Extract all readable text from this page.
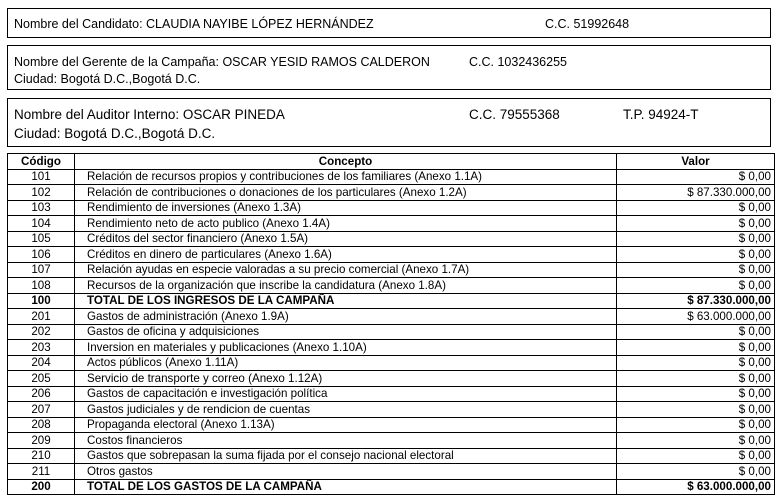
Nombre del Candidato: CLAUDIA NAYIBE LÓPEZ HERNÁNDEZ	C.C. 51992648
Nombre del Gerente de la Campaña: OSCAR YESID RAMOS CALDERON	C.C. 1032436255
Ciudad: Bogotá D.C.,Bogotá D.C.
Nombre del Auditor Interno: OSCAR PINEDA	C.C. 79555368	T.P. 94924-T
Ciudad: Bogotá D.C.,Bogotá D.C.
Código	Concepto	Valor
101	Relación de recursos propios y contribuciones de los familiares (Anexo 1.1A)	$ 0,00
102	Relación de contribuciones o donaciones de los particulares (Anexo 1.2A)	$ 87.330.000,00
103	Rendimiento de inversiones (Anexo 1.3A)	$ 0,00
104	Rendimiento neto de acto publico (Anexo 1.4A)	$ 0,00
105	Créditos del sector financiero (Anexo 1.5A)	$ 0,00
106	Créditos en dinero de particulares (Anexo 1.6A)	$ 0,00
107	Relación ayudas en especie valoradas a su precio comercial (Anexo 1.7A)	$ 0,00
108	Recursos de la organización que inscribe la candidatura (Anexo 1.8A)	$ 0,00
100	TOTAL DE LOS INGRESOS DE LA CAMPAÑA	$ 87.330.000,00
201	Gastos de administración (Anexo 1.9A)	$ 63.000.000,00
202	Gastos de oficina y adquisiciones	$ 0,00
203	Inversion en materiales y publicaciones (Anexo 1.10A)	$ 0,00
204	Actos públicos (Anexo 1.11A)	$ 0,00
205	Servicio de transporte y correo (Anexo 1.12A)	$ 0,00
206	Gastos de capacitación e investigación política	$ 0,00
207	Gastos judiciales y de rendicion de cuentas	$ 0,00
208	Propaganda electoral (Anexo 1.13A)	$ 0,00
209	Costos financieros	$ 0,00
210	Gastos que sobrepasan la suma fijada por el consejo nacional electoral	$ 0,00
211	Otros gastos	$ 0,00
200	TOTAL DE LOS GASTOS DE LA CAMPAÑA	$ 63.000.000,00
